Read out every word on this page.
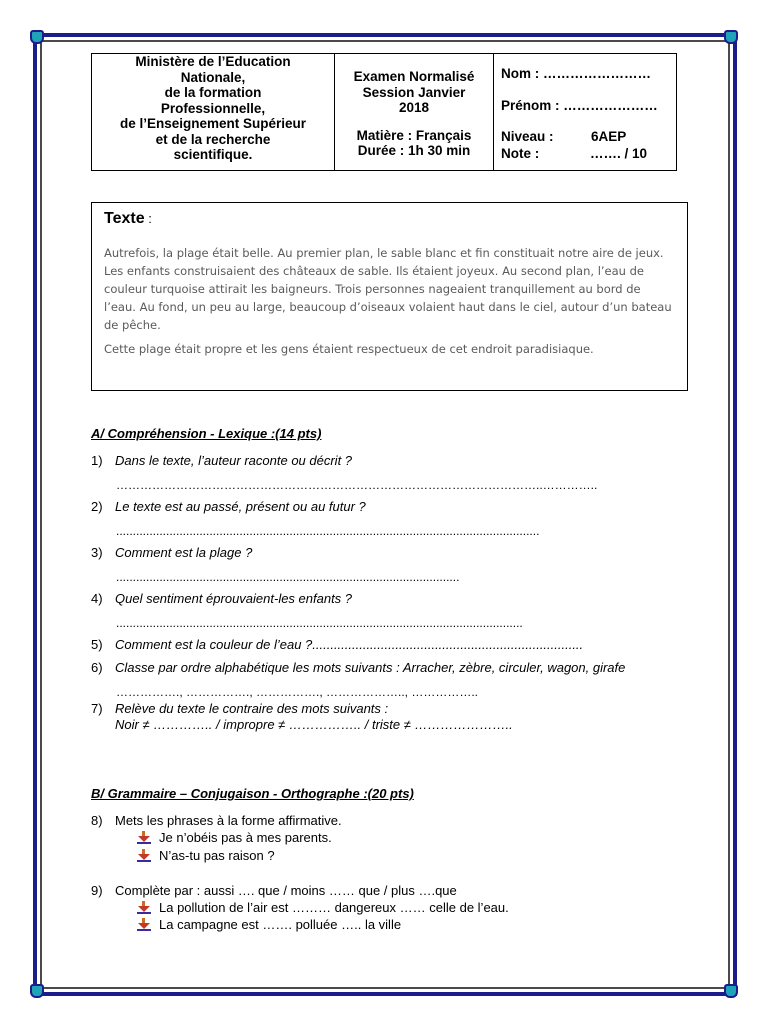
Ministère de l’Education
Nationale,
de la formation
Professionnelle,
de l’Enseignement Supérieur
et de la recherche
scientifique.
Examen Normalisé
Session Janvier
2018
Matière : Français
Durée : 1h 30 min
Nom : ……………………
Prénom : …………………
Niveau :	6AEP
Note :	……. / 10
Texte :

Autrefois, la plage était belle. Au premier plan, le sable blanc et fin constituait notre aire de jeux. Les enfants construisaient des châteaux de sable. Ils étaient joyeux. Au second plan, l’eau de couleur turquoise attirait les baigneurs. Trois personnes nageaient tranquillement au bord de l’eau. Au fond, un peu au large, beaucoup d’oiseaux volaient haut dans le ciel, autour d’un bateau de pêche.

Cette plage était propre et les gens étaient respectueux de cet endroit paradisiaque.

A/ Compréhension - Lexique :(14 pts)
1) Dans le texte, l’auteur raconte ou décrit ?
……………………………………………………………………………………………..…………..
2) Le texte est au passé, présent ou au futur ?
...............................................................................................................................
3) Comment est la plage ?
.......................................................................................................
4) Quel sentiment éprouvaient-les enfants ?
..........................................................................................................................
5) Comment est la couleur de l’eau ?...........................................................................
6) Classe par ordre alphabétique les mots suivants : Arracher, zèbre, circuler, wagon, girafe
……………., ……………., ……………., ……………….., ……………..
7) Relève du texte le contraire des mots suivants :
Noir ≠ ………….. / impropre ≠ …………….. / triste ≠ …………………..
B/ Grammaire – Conjugaison - Orthographe :(20 pts)
8) Mets les phrases à la forme affirmative.
Je n’obéis pas à mes parents.
N’as-tu pas raison ?
9) Complète par : aussi …. que / moins …… que / plus ….que
La pollution de l’air est ……… dangereux …… celle de l’eau.
La campagne est ……. polluée ….. la ville
